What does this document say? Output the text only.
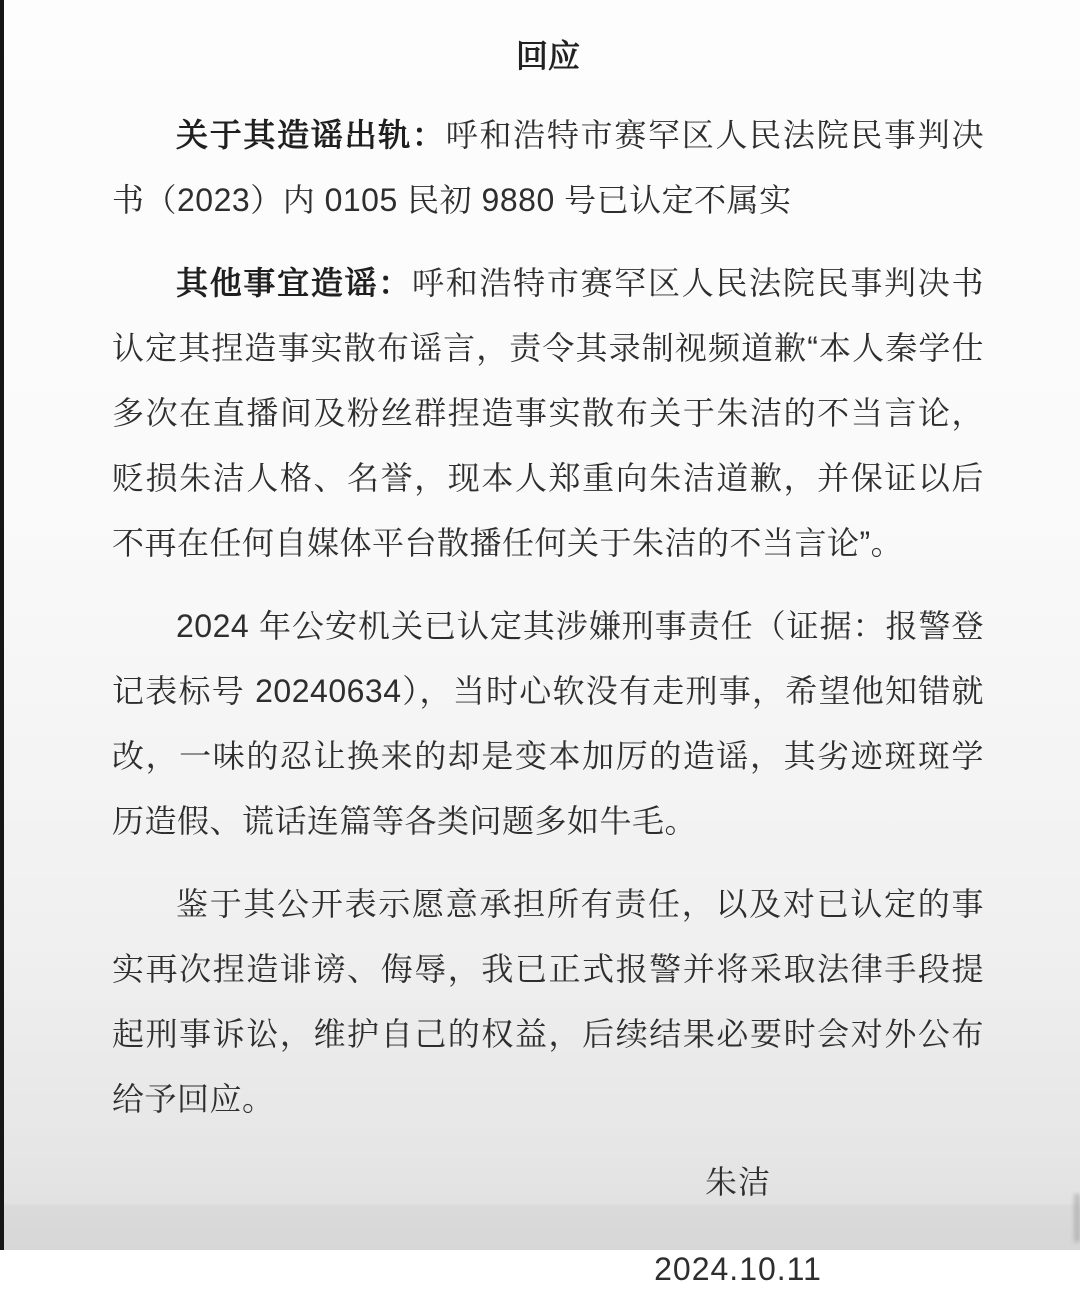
回应
关于其造谣出轨：呼和浩特市赛罕区人民法院民事判决书（2023）内 0105 民初 9880 号已认定不属实
其他事宜造谣：呼和浩特市赛罕区人民法院民事判决书认定其捏造事实散布谣言，责令其录制视频道歉“本人秦学仕多次在直播间及粉丝群捏造事实散布关于朱洁的不当言论，贬损朱洁人格、名誉，现本人郑重向朱洁道歉，并保证以后不再在任何自媒体平台散播任何关于朱洁的不当言论”。
2024 年公安机关已认定其涉嫌刑事责任（证据：报警登记表标号 20240634），当时心软没有走刑事，希望他知错就改，一味的忍让换来的却是变本加厉的造谣，其劣迹斑斑学历造假、谎话连篇等各类问题多如牛毛。
鉴于其公开表示愿意承担所有责任，以及对已认定的事实再次捏造诽谤、侮辱，我已正式报警并将采取法律手段提起刑事诉讼，维护自己的权益，后续结果必要时会对外公布给予回应。
朱洁
2024.10.11
